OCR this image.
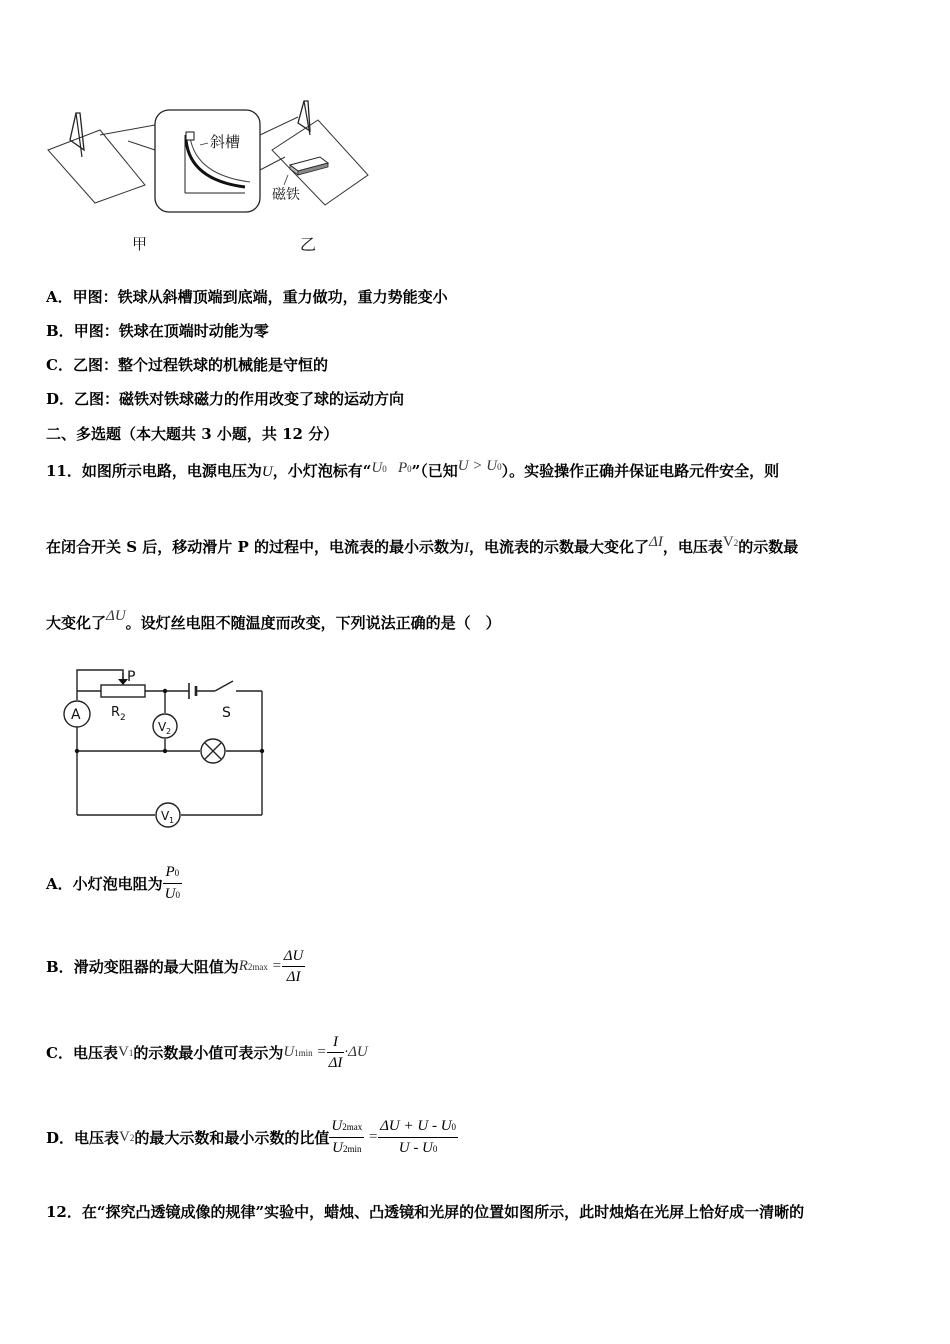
斜槽
磁铁
甲	乙
A．甲图：铁球从斜槽顶端到底端，重力做功，重力势能变小
B．甲图：铁球在顶端时动能为零
C．乙图：整个过程铁球的机械能是守恒的
D．乙图：磁铁对铁球磁力的作用改变了球的运动方向
二、多选题（本大题共 3 小题，共 12 分）
11．如图所示电路，电源电压为U，小灯泡标有“U0   P0”（已知U > U0）。实验操作正确并保证电路元件安全，则
在闭合开关 S 后，移动滑片 P 的过程中，电流表的最小示数为I，电流表的示数最大变化了ΔI，电压表V2的示数最
大变化了ΔU。设灯丝电阻不随温度而改变，下列说法正确的是（　）
A
V 2
V 1
P
R 2	S
A．小灯泡电阻为 $\frac{P0}{U0}$
B．滑动变阻器的最大阻值为$R2\max = \frac{\Delta U}{\Delta I}$
C．电压表V1的示数最小值可表示为$U1\min = \frac{I}{\Delta I} \cdot\Delta U$
D．电压表V2的最大示数和最小示数的比值 $\frac{U2\max}{U2\min} = \frac{\Delta U + U - U0}{U - U0}$
12．在“探究凸透镜成像的规律”实验中，蜡烛、凸透镜和光屏的位置如图所示，此时烛焰在光屏上恰好成一清晰的
